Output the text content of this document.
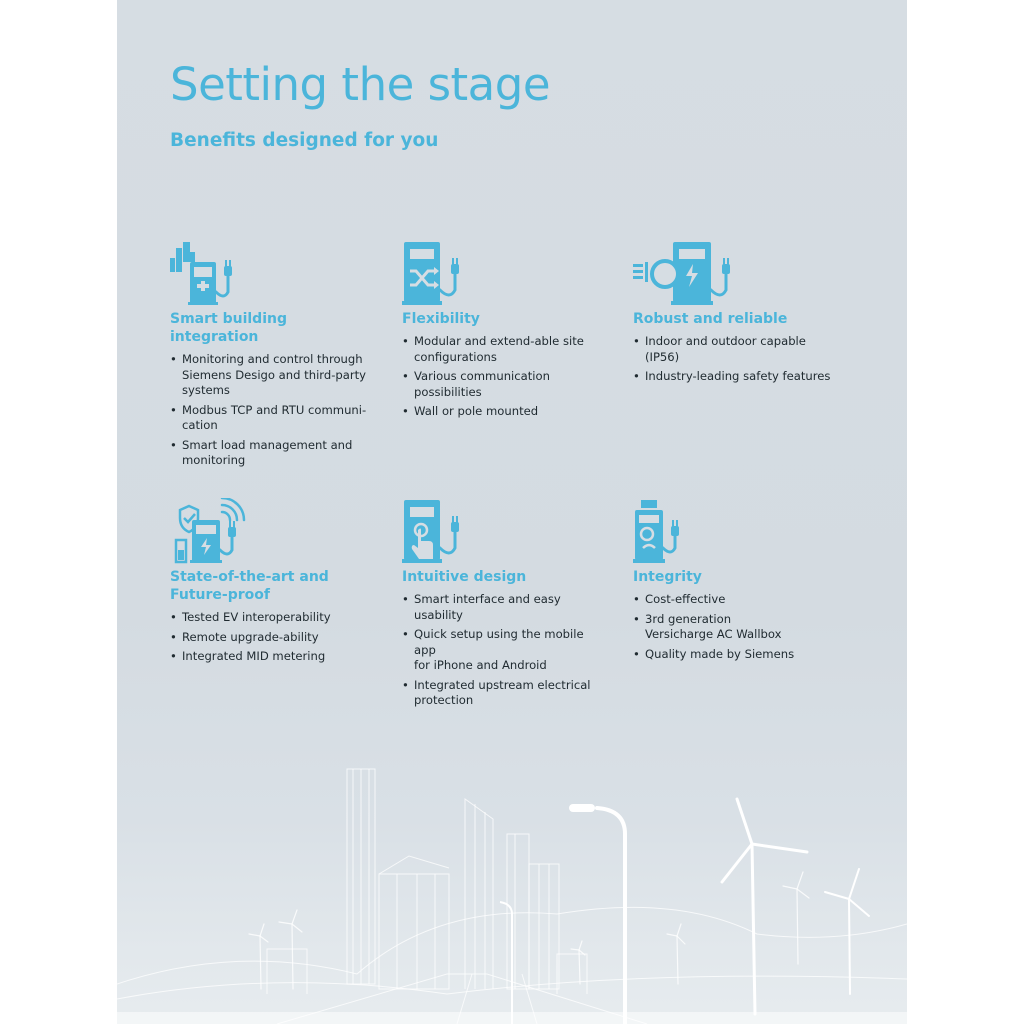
Setting the stage
Benefits designed for you
Smart building integration
• Monitoring and control through
Siemens Desigo and third-party
systems
• Modbus TCP and RTU communi-
cation
• Smart load management and
monitoring
Flexibility
• Modular and extend-able site
configurations
• Various communication
possibilities
• Wall or pole mounted
Robust and reliable
• Indoor and outdoor capable (IP56)
• Industry-leading safety features
State-of-the-art and
Future-proof
• Tested EV interoperability
• Remote upgrade-ability
• Integrated MID metering
Intuitive design
• Smart interface and easy usability
• Quick setup using the mobile app
for iPhone and Android
• Integrated upstream electrical
protection
Integrity
• Cost-effective
• 3rd generation
Versicharge AC Wallbox
• Quality made by Siemens
